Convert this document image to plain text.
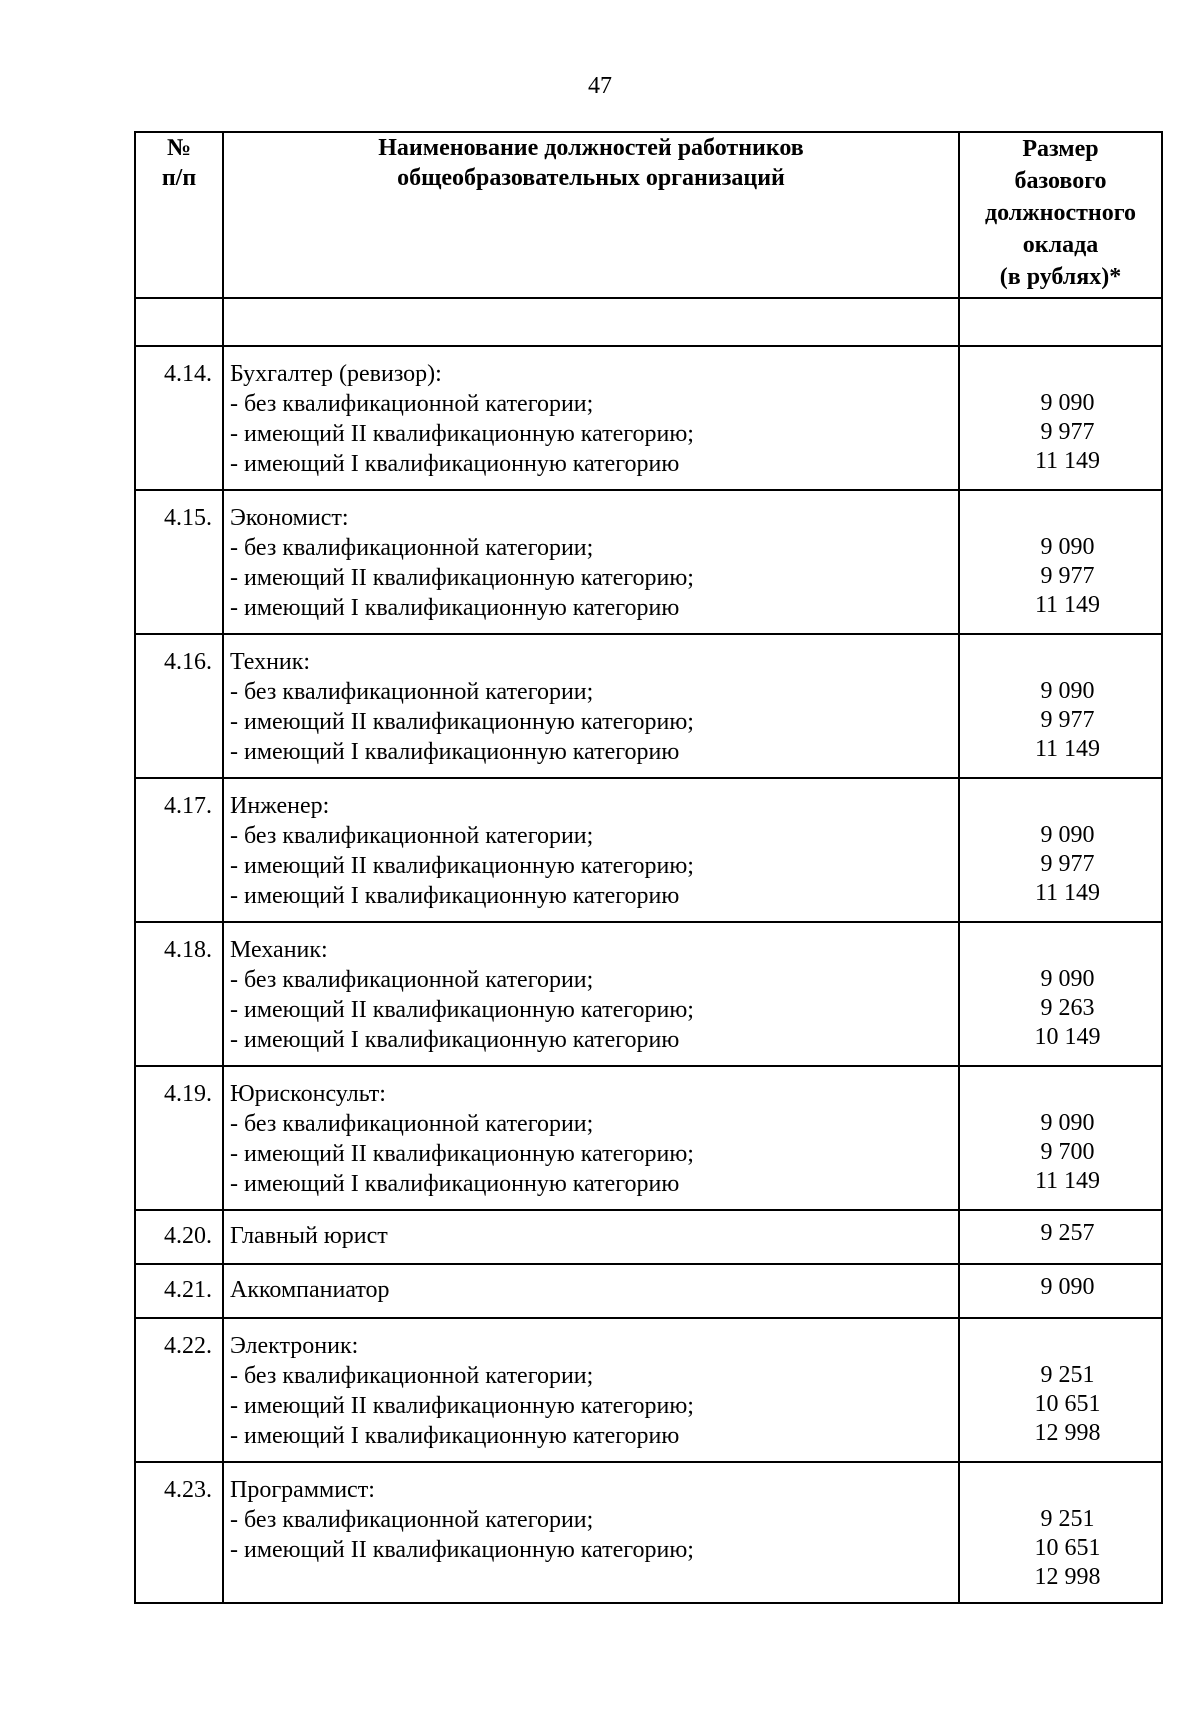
47
№
п/п	Наименование должностей работников
общеобразовательных организаций	Размер
базового
должностного
оклада
(в рублях)*

4.14.	Бухгалтер (ревизор):
- без квалификационной категории;
- имеющий II квалификационную категорию;
- имеющий I квалификационную категорию	9 090
9 977
11 149

4.15.	Экономист:
- без квалификационной категории;
- имеющий II квалификационную категорию;
- имеющий I квалификационную категорию	9 090
9 977
11 149

4.16.	Техник:
- без квалификационной категории;
- имеющий II квалификационную категорию;
- имеющий I квалификационную категорию	9 090
9 977
11 149

4.17.	Инженер:
- без квалификационной категории;
- имеющий II квалификационную категорию;
- имеющий I квалификационную категорию	9 090
9 977
11 149

4.18.	Механик:
- без квалификационной категории;
- имеющий II квалификационную категорию;
- имеющий I квалификационную категорию	9 090
9 263
10 149

4.19.	Юрисконсульт:
- без квалификационной категории;
- имеющий II квалификационную категорию;
- имеющий I квалификационную категорию	9 090
9 700
11 149

4.20.	Главный юрист	9 257

4.21.	Аккомпаниатор	9 090

4.22.	Электроник:
- без квалификационной категории;
- имеющий II квалификационную категорию;
- имеющий I квалификационную категорию	9 251
10 651
12 998

4.23.	Программист:
- без квалификационной категории;
- имеющий II квалификационную категорию;	9 251
10 651
12 998
